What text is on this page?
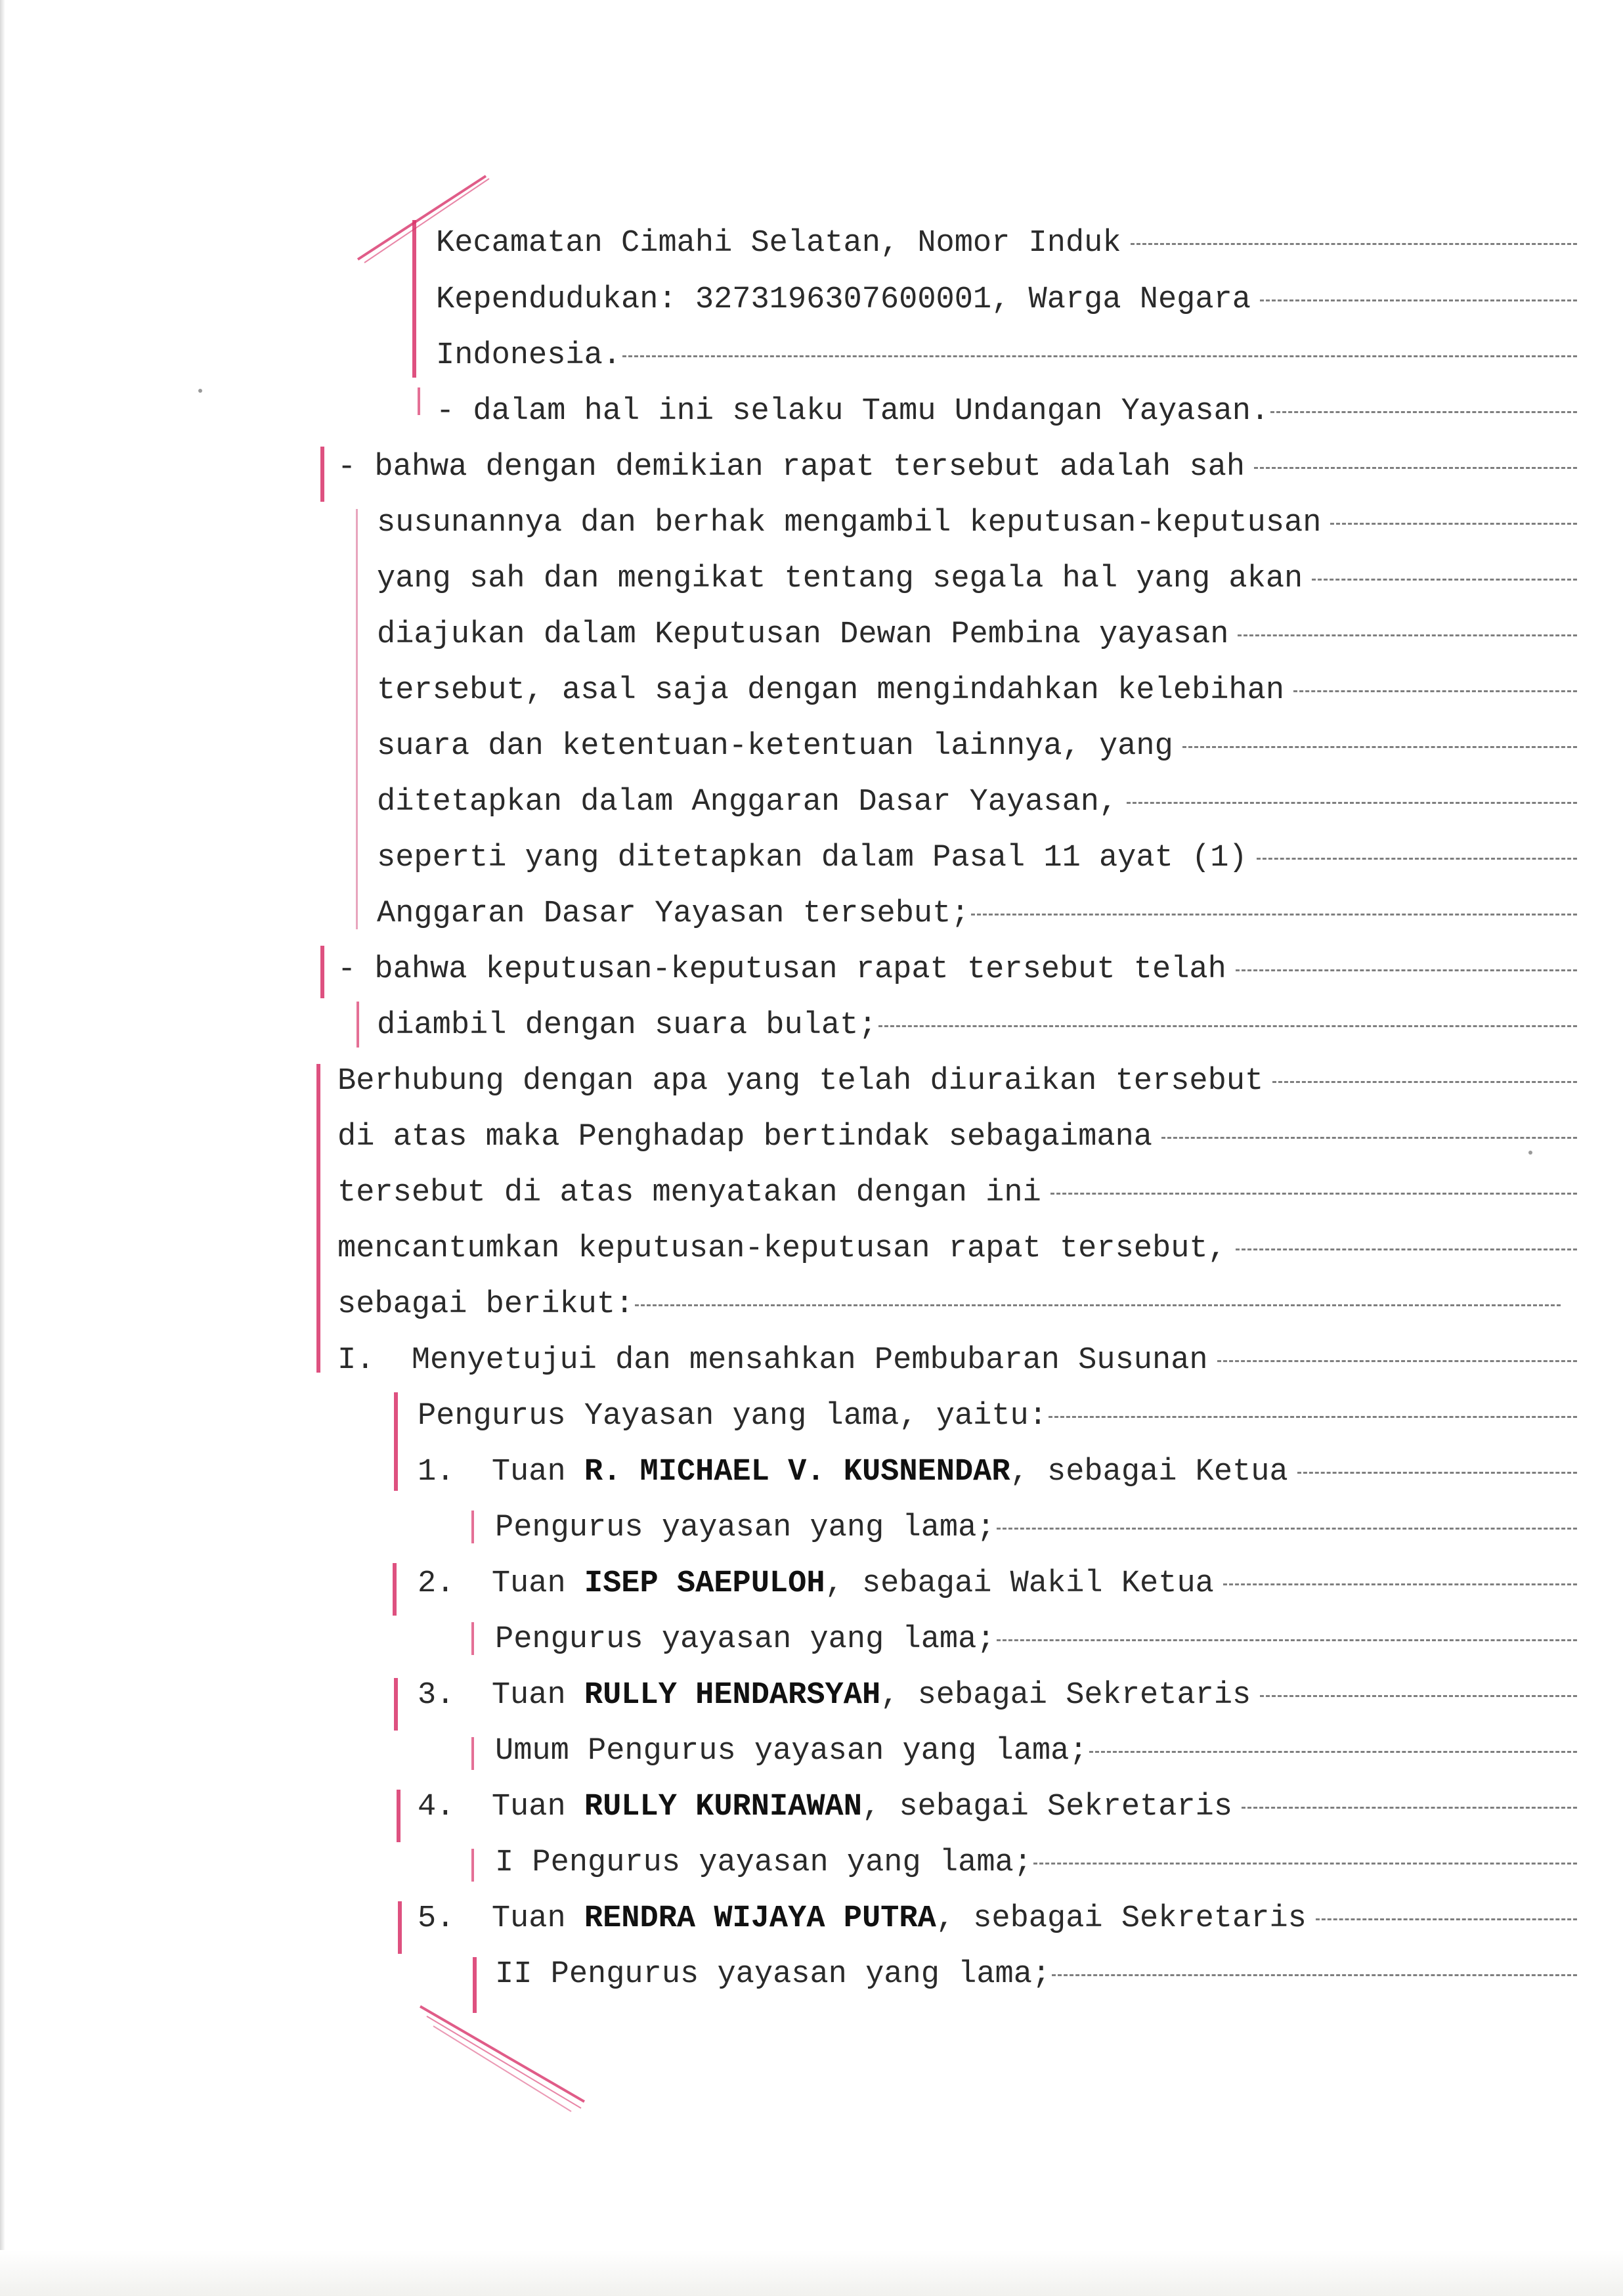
Kecamatan Cimahi Selatan, Nomor Induk
Kependudukan: 3273196307600001, Warga Negara
Indonesia.
- dalam hal ini selaku Tamu Undangan Yayasan.
- bahwa dengan demikian rapat tersebut adalah sah
susunannya dan berhak mengambil keputusan-keputusan
yang sah dan mengikat tentang segala hal yang akan
diajukan dalam Keputusan Dewan Pembina yayasan
tersebut, asal saja dengan mengindahkan kelebihan
suara dan ketentuan-ketentuan lainnya, yang
ditetapkan dalam Anggaran Dasar Yayasan,
seperti yang ditetapkan dalam Pasal 11 ayat (1)
Anggaran Dasar Yayasan tersebut;
- bahwa keputusan-keputusan rapat tersebut telah
diambil dengan suara bulat;
Berhubung dengan apa yang telah diuraikan tersebut
di atas maka Penghadap bertindak sebagaimana
tersebut di atas menyatakan dengan ini
mencantumkan keputusan-keputusan rapat tersebut,
sebagai berikut:
I.  Menyetujui dan mensahkan Pembubaran Susunan
Pengurus Yayasan yang lama, yaitu:
1. Tuan R. MICHAEL V. KUSNENDAR, sebagai Ketua
Pengurus yayasan yang lama;
2. Tuan ISEP SAEPULOH, sebagai Wakil Ketua
Pengurus yayasan yang lama;
3. Tuan RULLY HENDARSYAH, sebagai Sekretaris
Umum Pengurus yayasan yang lama;
4. Tuan RULLY KURNIAWAN, sebagai Sekretaris
I Pengurus yayasan yang lama;
5. Tuan RENDRA WIJAYA PUTRA, sebagai Sekretaris
II Pengurus yayasan yang lama;
